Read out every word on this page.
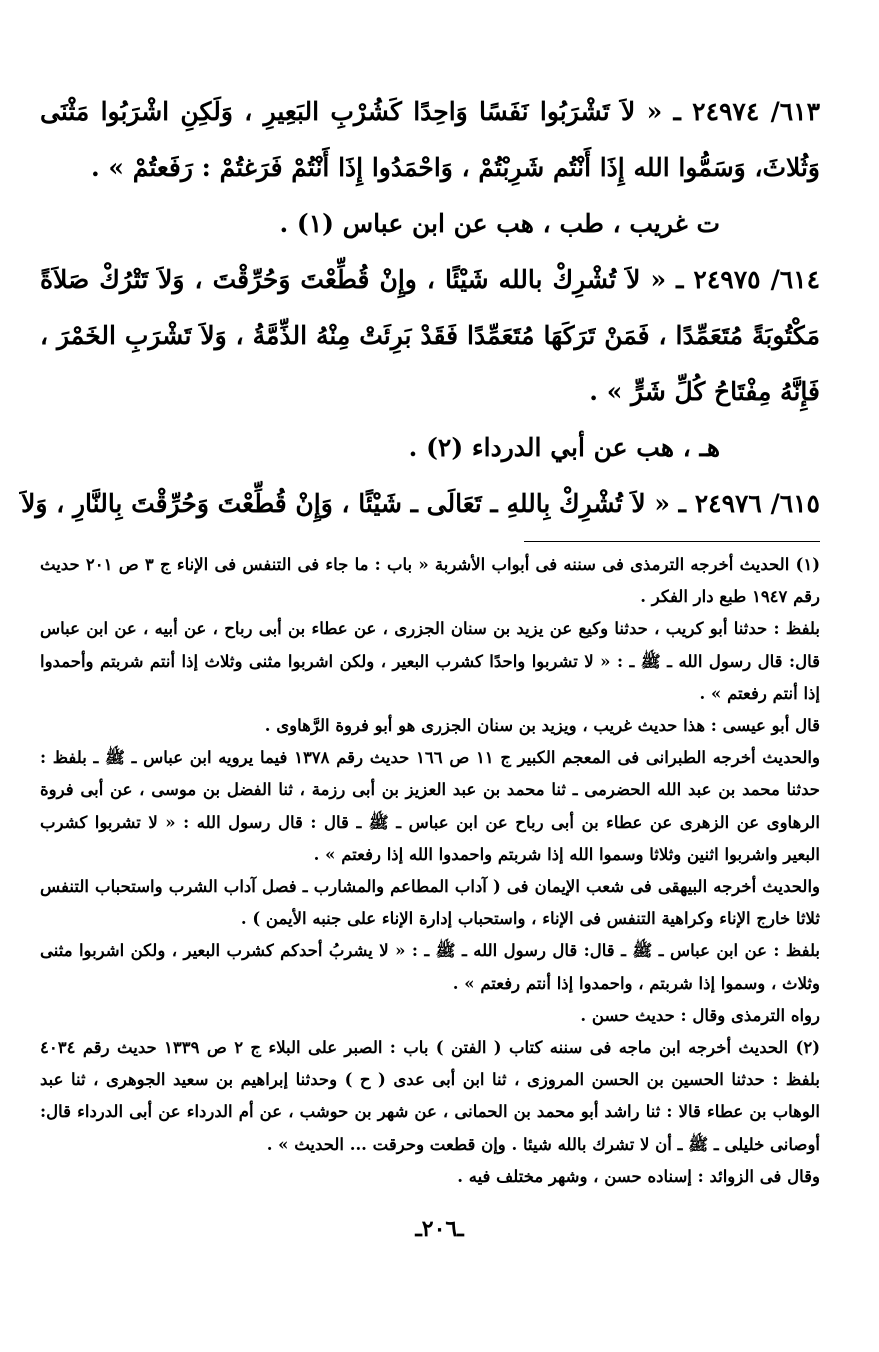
٦١٣/ ٢٤٩٧٤ ـ « لاَ تَشْرَبُوا نَفَسًا وَاحِدًا كَشُرْبِ البَعِيرِ ، وَلَكِنِ اشْرَبُوا مَثْنَى وَثُلاثَ، وَسَمُّوا الله إِذَا أَنْتُم شَرِبْتُمْ ، وَاحْمَدُوا إِذَا أَنْتُمْ فَرَغتُمْ : رَفَعتُمْ » .

ت غريب ، طب ، هب عن ابن عباس (١) .

٦١٤/ ٢٤٩٧٥ ـ « لاَ تُشْرِكْ بالله شَيْئًا ، وإِنْ قُطِّعْتَ وَحُرِّقْتَ ، وَلاَ تَتْرُكْ صَلاَةً مَكْتُوبَةً مُتَعَمِّدًا ، فَمَنْ تَرَكَهَا مُتَعَمِّدًا فَقَدْ بَرِئَتْ مِنْهُ الذِّمَّةُ ، وَلاَ تَشْرَبِ الخَمْرَ ، فَإِنَّهُ مِفْتَاحُ كُلِّ شَرٍّ » .

هـ ، هب عن أبي الدرداء (٢) .

٦١٥/ ٢٤٩٧٦ ـ « لاَ تُشْرِكْ بِاللهِ ـ تَعَالَى ـ شَيْئًا ، وَإِنْ قُطِّعْتَ وَحُرِّقْتَ بِالنَّارِ ، وَلاَ

(١) الحديث أخرجه الترمذى فى سننه فى أبواب الأشربة « باب : ما جاء فى التنفس فى الإناء ج ٣ ص ٢٠١ حديث رقم ١٩٤٧ طبع دار الفكر .

بلفظ : حدثنا أبو كريب ، حدثنا وكيع عن يزيد بن سنان الجزرى ، عن عطاء بن أبى رباح ، عن أبيه ، عن ابن عباس قال: قال رسول الله ـ ﷺ ـ : « لا تشربوا واحدًا كشرب البعير ، ولكن اشربوا مثنى وثلاث إذا أنتم شربتم وأحمدوا إذا أنتم رفعتم » .

قال أبو عيسى : هذا حديث غريب ، ويزيد بن سنان الجزرى هو أبو فروة الرَّهاوى .

والحديث أخرجه الطبرانى فى المعجم الكبير ج ١١ ص ١٦٦ حديث رقم ١٣٧٨ فيما يرويه ابن عباس ـ ﷺ ـ بلفظ : حدثنا محمد بن عبد الله الحضرمى ـ ثنا محمد بن عبد العزيز بن أبى رزمة ، ثنا الفضل بن موسى ، عن أبى فروة الرهاوى عن الزهرى عن عطاء بن أبى رباح عن ابن عباس ـ ﷺ ـ قال : قال رسول الله : « لا تشربوا كشرب البعير واشربوا اثنين وثلاثا وسموا الله إذا شربتم واحمدوا الله إذا رفعتم » .

والحديث أخرجه البيهقى فى شعب الإيمان فى ( آداب المطاعم والمشارب ـ فصل آداب الشرب واستحباب التنفس ثلاثا خارج الإناء وكراهية التنفس فى الإناء ، واستحباب إدارة الإناء على جنبه الأيمن ) .

بلفظ : عن ابن عباس ـ ﷺ ـ قال: قال رسول الله ـ ﷺ ـ : « لا يشربُ أحدكم كشرب البعير ، ولكن اشربوا مثنى وثلاث ، وسموا إذا شربتم ، واحمدوا إذا أنتم رفعتم » .

رواه الترمذى وقال : حديث حسن .

(٢) الحديث أخرجه ابن ماجه فى سننه كتاب ( الفتن ) باب : الصبر على البلاء ج ٢ ص ١٣٣٩ حديث رقم ٤٠٣٤ بلفظ : حدثنا الحسين بن الحسن المروزى ، ثنا ابن أبى عدى ( ح ) وحدثنا إبراهيم بن سعيد الجوهرى ، ثنا عبد الوهاب بن عطاء قالا : ثنا راشد أبو محمد بن الحمانى ، عن شهر بن حوشب ، عن أم الدرداء عن أبى الدرداء قال: أوصانى خليلى ـ ﷺ ـ أن لا تشرك بالله شيئا . وإن قطعت وحرقت ... الحديث » .

وقال فى الزوائد : إسناده حسن ، وشهر مختلف فيه .

ـ٢٠٦ـ
